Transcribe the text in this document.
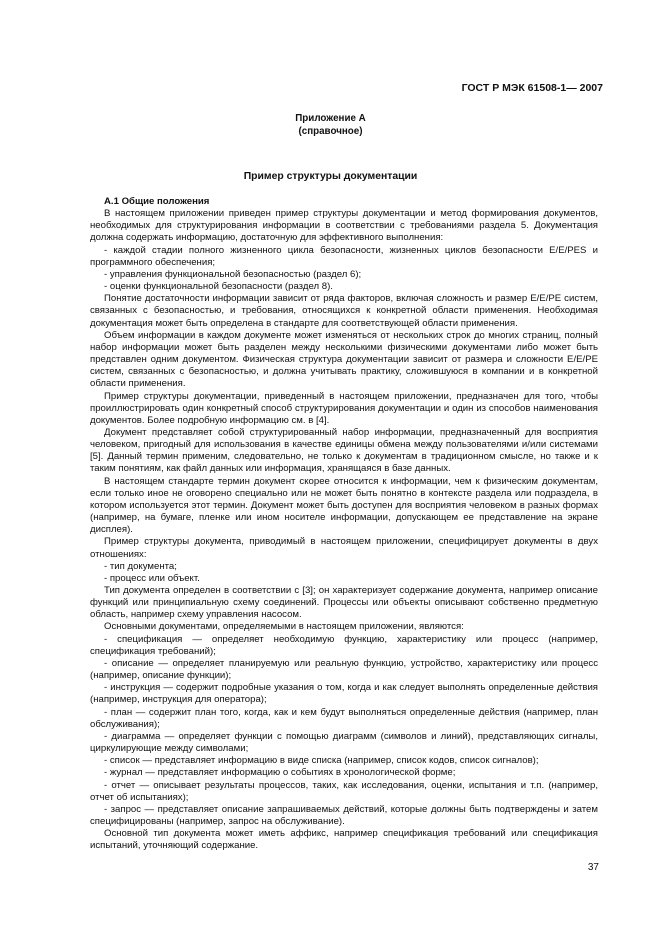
ГОСТ Р МЭК 61508-1— 2007
Приложение А
(справочное)
Пример структуры документации
А.1 Общие положения

В настоящем приложении приведен пример структуры документации и метод формирования документов, необходимых для структурирования информации в соответствии с требованиями раздела 5. Документация должна содержать информацию, достаточную для эффективного выполнения:

- каждой стадии полного жизненного цикла безопасности, жизненных циклов безопасности Е/Е/PES и программного обеспечения;

- управления функциональной безопасностью (раздел 6);

- оценки функциональной безопасности (раздел 8).

Понятие достаточности информации зависит от ряда факторов, включая сложность и размер Е/Е/РЕ систем, связанных с безопасностью, и требования, относящихся к конкретной области применения. Необходимая документация может быть определена в стандарте для соответствующей области применения.

Объем информации в каждом документе может изменяться от нескольких строк до многих страниц, полный набор информации может быть разделен между несколькими физическими документами либо может быть представлен одним документом. Физическая структура документации зависит от размера и сложности Е/Е/РЕ систем, связанных с безопасностью, и должна учитывать практику, сложившуюся в компании и в конкретной области применения.

Пример структуры документации, приведенный в настоящем приложении, предназначен для того, чтобы проиллюстрировать один конкретный способ структурирования документации и один из способов наименования документов. Более подробную информацию см. в [4].

Документ представляет собой структурированный набор информации, предназначенный для восприятия человеком, пригодный для использования в качестве единицы обмена между пользователями и/или системами [5]. Данный термин применим, следовательно, не только к документам в традиционном смысле, но также и к таким понятиям, как файл данных или информация, хранящаяся в базе данных.

В настоящем стандарте термин документ скорее относится к информации, чем к физическим документам, если только иное не оговорено специально или не может быть понятно в контексте раздела или подраздела, в котором используется этот термин. Документ может быть доступен для восприятия человеком в разных формах (например, на бумаге, пленке или ином носителе информации, допускающем ее представление на экране дисплея).

Пример структуры документа, приводимый в настоящем приложении, специфицирует документы в двух отношениях:

- тип документа;

- процесс или объект.

Тип документа определен в соответствии с [3]; он характеризует содержание документа, например описание функций или принципиальную схему соединений. Процессы или объекты описывают собственно предметную область, например схему управления насосом.

Основными документами, определяемыми в настоящем приложении, являются:

- спецификация — определяет необходимую функцию, характеристику или процесс (например, спецификация требований);

- описание — определяет планируемую или реальную функцию, устройство, характеристику или процесс (например, описание функции);

- инструкция — содержит подробные указания о том, когда и как следует выполнять определенные действия (например, инструкция для оператора);

- план — содержит план того, когда, как и кем будут выполняться определенные действия (например, план обслуживания);

- диаграмма — определяет функции с помощью диаграмм (символов и линий), представляющих сигналы, циркулирующие между символами;

- список — представляет информацию в виде списка (например, список кодов, список сигналов);

- журнал — представляет информацию о событиях в хронологической форме;

- отчет — описывает результаты процессов, таких, как исследования, оценки, испытания и т.п. (например, отчет об испытаниях);

- запрос — представляет описание запрашиваемых действий, которые должны быть подтверждены и затем специфицированы (например, запрос на обслуживание).

Основной тип документа может иметь аффикс, например спецификация требований или спецификация испытаний, уточняющий содержание.

37
